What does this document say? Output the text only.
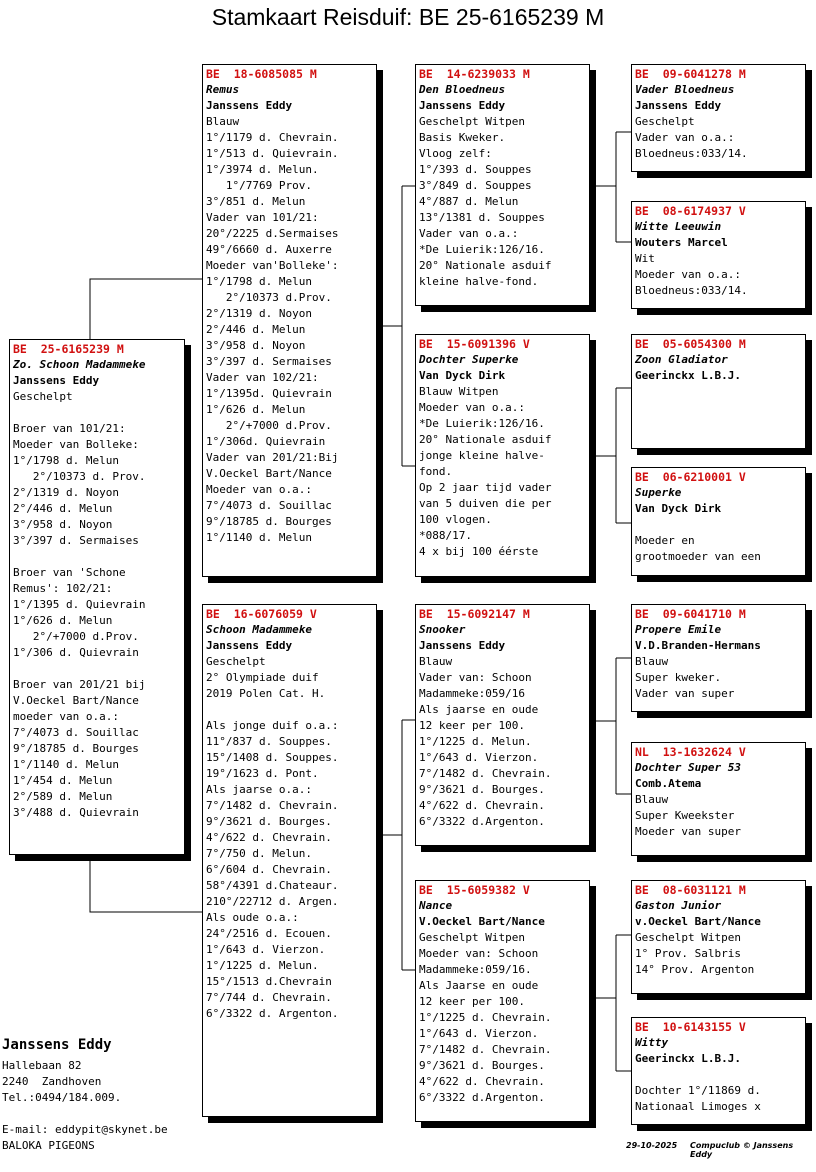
Stamkaart Reisduif: BE 25-6165239 M
BE  25-6165239 M
Zo. Schoon Madammeke
Janssens Eddy
Geschelpt
Broer van 101/21:
Moeder van Bolleke:
1°/1798 d. Melun
2°/10373 d. Prov.
2°/1319 d. Noyon
2°/446 d. Melun
3°/958 d. Noyon
3°/397 d. Sermaises
Broer van 'Schone
Remus': 102/21:
1°/1395 d. Quievrain
1°/626 d. Melun
2°/+7000 d.Prov.
1°/306 d. Quievrain
Broer van 201/21 bij
V.Oeckel Bart/Nance
moeder van o.a.:
7°/4073 d. Souillac
9°/18785 d. Bourges
1°/1140 d. Melun
1°/454 d. Melun
2°/589 d. Melun
3°/488 d. Quievrain
BE  18-6085085 M
Remus
Janssens Eddy
Blauw
1°/1179 d. Chevrain.
1°/513 d. Quievrain.
1°/3974 d. Melun.
1°/7769 Prov.
3°/851 d. Melun
Vader van 101/21:
20°/2225 d.Sermaises
49°/6660 d. Auxerre
Moeder van'Bolleke':
1°/1798 d. Melun
2°/10373 d.Prov.
2°/1319 d. Noyon
2°/446 d. Melun
3°/958 d. Noyon
3°/397 d. Sermaises
Vader van 102/21:
1°/1395d. Quievrain
1°/626 d. Melun
2°/+7000 d.Prov.
1°/306d. Quievrain
Vader van 201/21:Bij
V.Oeckel Bart/Nance
Moeder van o.a.:
7°/4073 d. Souillac
9°/18785 d. Bourges
1°/1140 d. Melun
BE  16-6076059 V
Schoon Madammeke
Janssens Eddy
Geschelpt
2° Olympiade duif
2019 Polen Cat. H.
Als jonge duif o.a.:
11°/837 d. Souppes.
15°/1408 d. Souppes.
19°/1623 d. Pont.
Als jaarse o.a.:
7°/1482 d. Chevrain.
9°/3621 d. Bourges.
4°/622 d. Chevrain.
7°/750 d. Melun.
6°/604 d. Chevrain.
58°/4391 d.Chateaur.
210°/22712 d. Argen.
Als oude o.a.:
24°/2516 d. Ecouen.
1°/643 d. Vierzon.
1°/1225 d. Melun.
15°/1513 d.Chevrain
7°/744 d. Chevrain.
6°/3322 d. Argenton.
BE  14-6239033 M
Den Bloedneus
Janssens Eddy
Geschelpt Witpen
Basis Kweker.
Vloog zelf:
1°/393 d. Souppes
3°/849 d. Souppes
4°/887 d. Melun
13°/1381 d. Souppes
Vader van o.a.:
*De Luierik:126/16.
20° Nationale asduif
kleine halve-fond.
BE  15-6091396 V
Dochter Superke
Van Dyck Dirk
Blauw Witpen
Moeder van o.a.:
*De Luierik:126/16.
20° Nationale asduif
jonge kleine halve-
fond.
Op 2 jaar tijd vader
van 5 duiven die per
100 vlogen.
*088/17.
4 x bij 100 éérste
BE  15-6092147 M
Snooker
Janssens Eddy
Blauw
Vader van: Schoon
Madammeke:059/16
Als jaarse en oude
12 keer per 100.
1°/1225 d. Melun.
1°/643 d. Vierzon.
7°/1482 d. Chevrain.
9°/3621 d. Bourges.
4°/622 d. Chevrain.
6°/3322 d.Argenton.
BE  15-6059382 V
Nance
V.Oeckel Bart/Nance
Geschelpt Witpen
Moeder van: Schoon
Madammeke:059/16.
Als Jaarse en oude
12 keer per 100.
1°/1225 d. Chevrain.
1°/643 d. Vierzon.
7°/1482 d. Chevrain.
9°/3621 d. Bourges.
4°/622 d. Chevrain.
6°/3322 d.Argenton.
BE  09-6041278 M
Vader Bloedneus
Janssens Eddy
Geschelpt
Vader van o.a.:
Bloedneus:033/14.
BE  08-6174937 V
Witte Leeuwin
Wouters Marcel
Wit
Moeder van o.a.:
Bloedneus:033/14.
BE  05-6054300 M
Zoon Gladiator
Geerinckx L.B.J.
BE  06-6210001 V
Superke
Van Dyck Dirk
Moeder en
grootmoeder van een
BE  09-6041710 M
Propere Emile
V.D.Branden-Hermans
Blauw
Super kweker.
Vader van super
NL  13-1632624 V
Dochter Super 53
Comb.Atema
Blauw
Super Kweekster
Moeder van super
BE  08-6031121 M
Gaston Junior
v.Oeckel Bart/Nance
Geschelpt Witpen
1° Prov. Salbris
14° Prov. Argenton
BE  10-6143155 V
Witty
Geerinckx L.B.J.
Dochter 1°/11869 d.
Nationaal Limoges x
Janssens Eddy
Hallebaan 82
2240  Zandhoven
Tel.:0494/184.009.
E-mail: eddypit@skynet.be
BALOKA PIGEONS	29-10-2025 Compuclub © Janssens Eddy
